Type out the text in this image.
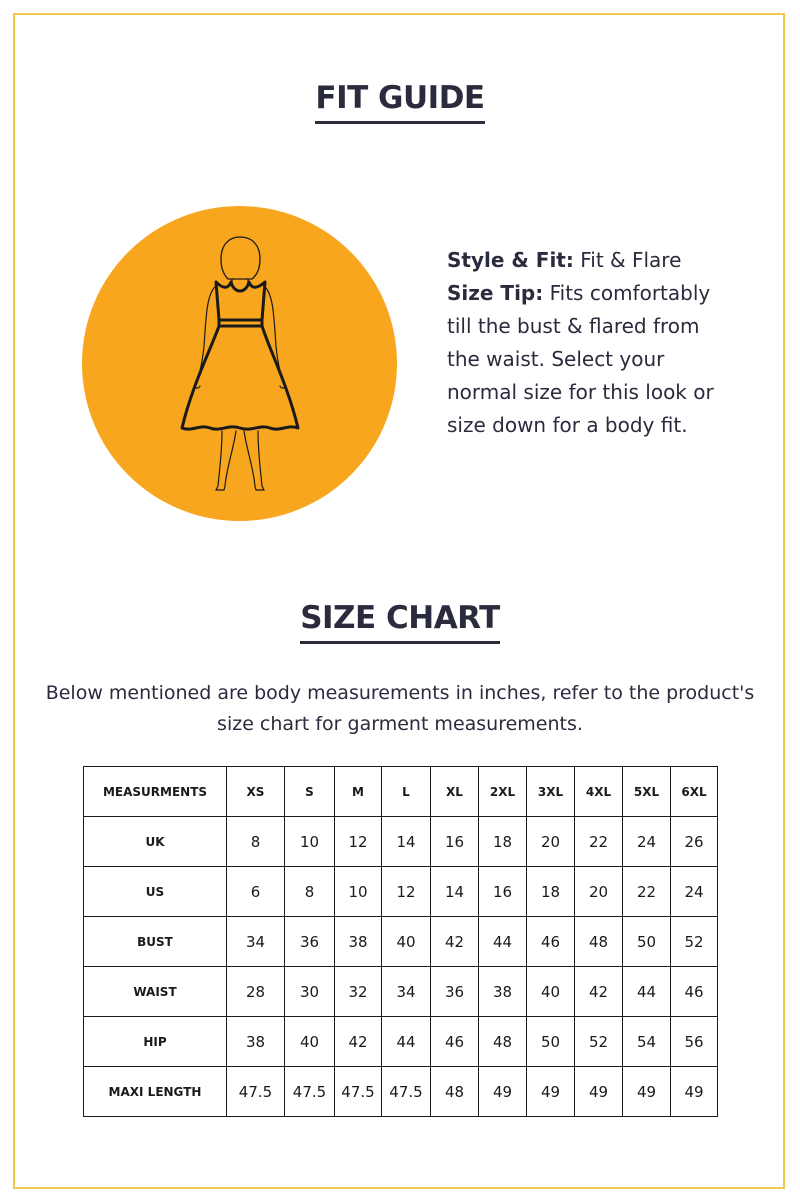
FIT GUIDE
Style & Fit: Fit & Flare
Size Tip: Fits comfortably till the bust & flared from the waist. Select your normal size for this look or size down for a body fit.
SIZE CHART
Below mentioned are body measurements in inches, refer to the product's size chart for garment measurements.
MEASURMENTS	XS	S	M	L	XL	2XL	3XL	4XL	5XL	6XL
UK	8	10	12	14	16	18	20	22	24	26
US	6	8	10	12	14	16	18	20	22	24
BUST	34	36	38	40	42	44	46	48	50	52
WAIST	28	30	32	34	36	38	40	42	44	46
HIP	38	40	42	44	46	48	50	52	54	56
MAXI LENGTH	47.5	47.5	47.5	47.5	48	49	49	49	49	49
